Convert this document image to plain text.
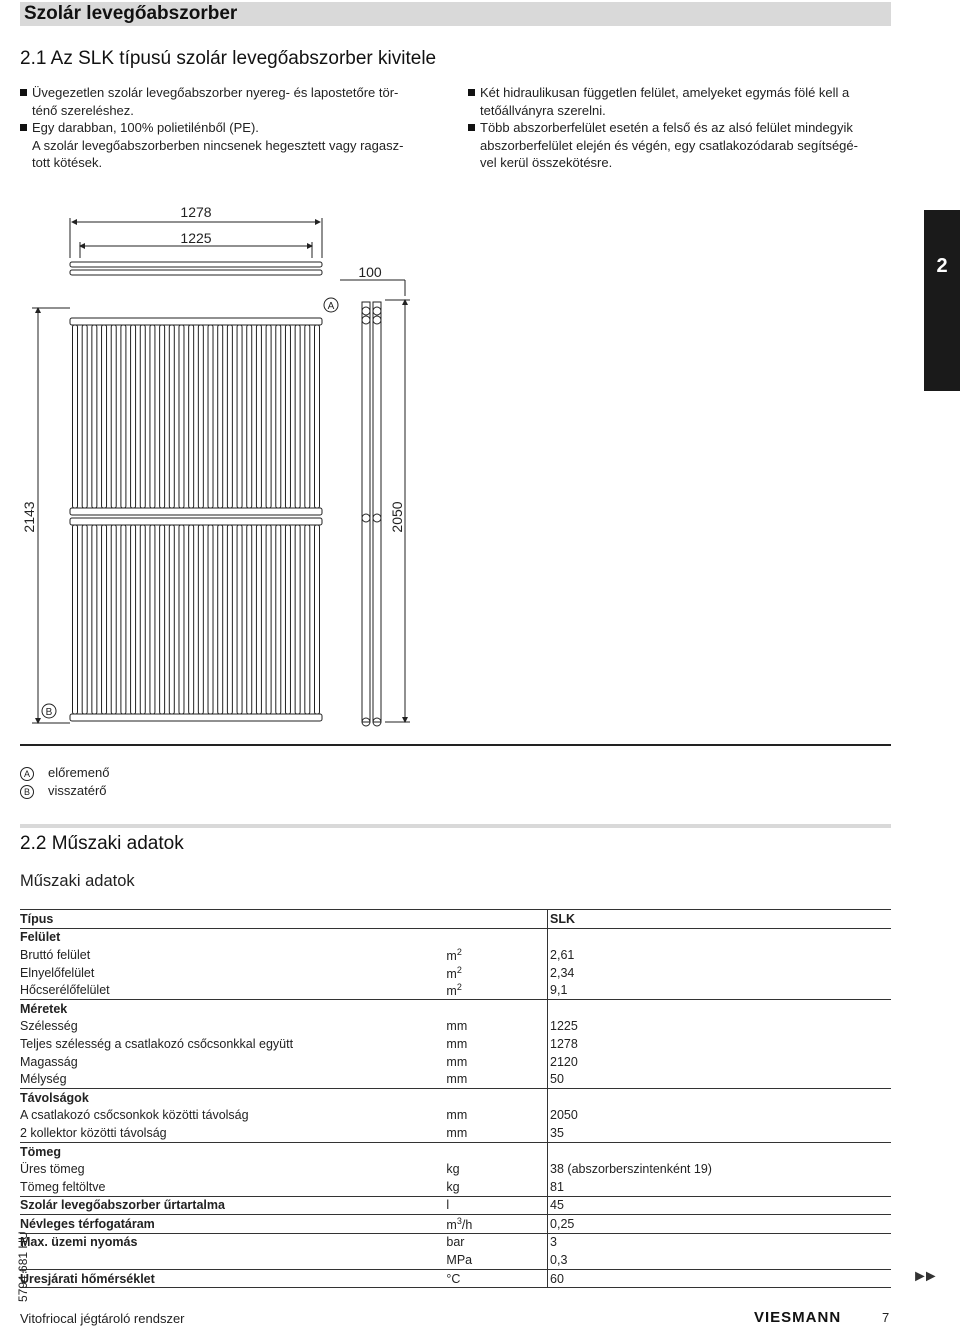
Szolár levegőabszorber
2.1 Az SLK típusú szolár levegőabszorber kivitele

Üvegezetlen szolár levegőabszorber nyereg- és lapostetőre tör-

ténő szereléshez.

Egy darabban, 100% polietilénből (PE).

A szolár levegőabszorberben nincsenek hegesztett vagy ragasz-

tott kötések.

Két hidraulikusan független felület, amelyeket egymás fölé kell a

tetőállványra szerelni.

Több abszorberfelület esetén a felső és az alsó felület mindegyik

abszorberfelület elején és végén, egy csatlakozódarab segítségé-

vel kerül összekötésre.

2
1278
1225
100
A
2143	2050
B
A előremenő
B visszatérő
2.2 Műszaki adatok
Műszaki adatok
Típus		SLK
Felület		
Bruttó felület	$m^2$	2,61
Elnyelőfelület	$m^2$	2,34
Hőcserélőfelület	$m^2$	9,1
Méretek		
Szélesség	mm	1225
Teljes szélesség a csatlakozó csőcsonkkal együtt	mm	1278
Magasság	mm	2120
Mélység	mm	50
Távolságok		
A csatlakozó csőcsonkok közötti távolság	mm	2050
2 kollektor közötti távolság	mm	35
Tömeg		
Üres tömeg	kg	38 (abszorberszintenként 19)
Tömeg feltöltve	kg	81
Szolár levegőabszorber űrtartalma	l	45
Névleges térfogatáram	$m^3/h$	0,25
Max. üzemi nyomás	bar	3
	MPa	0,3
Üresjárati hőmérséklet	°C	60
5794 681 HU	►►
Vitofriocal jégtároló rendszer	VIESMANN	7
